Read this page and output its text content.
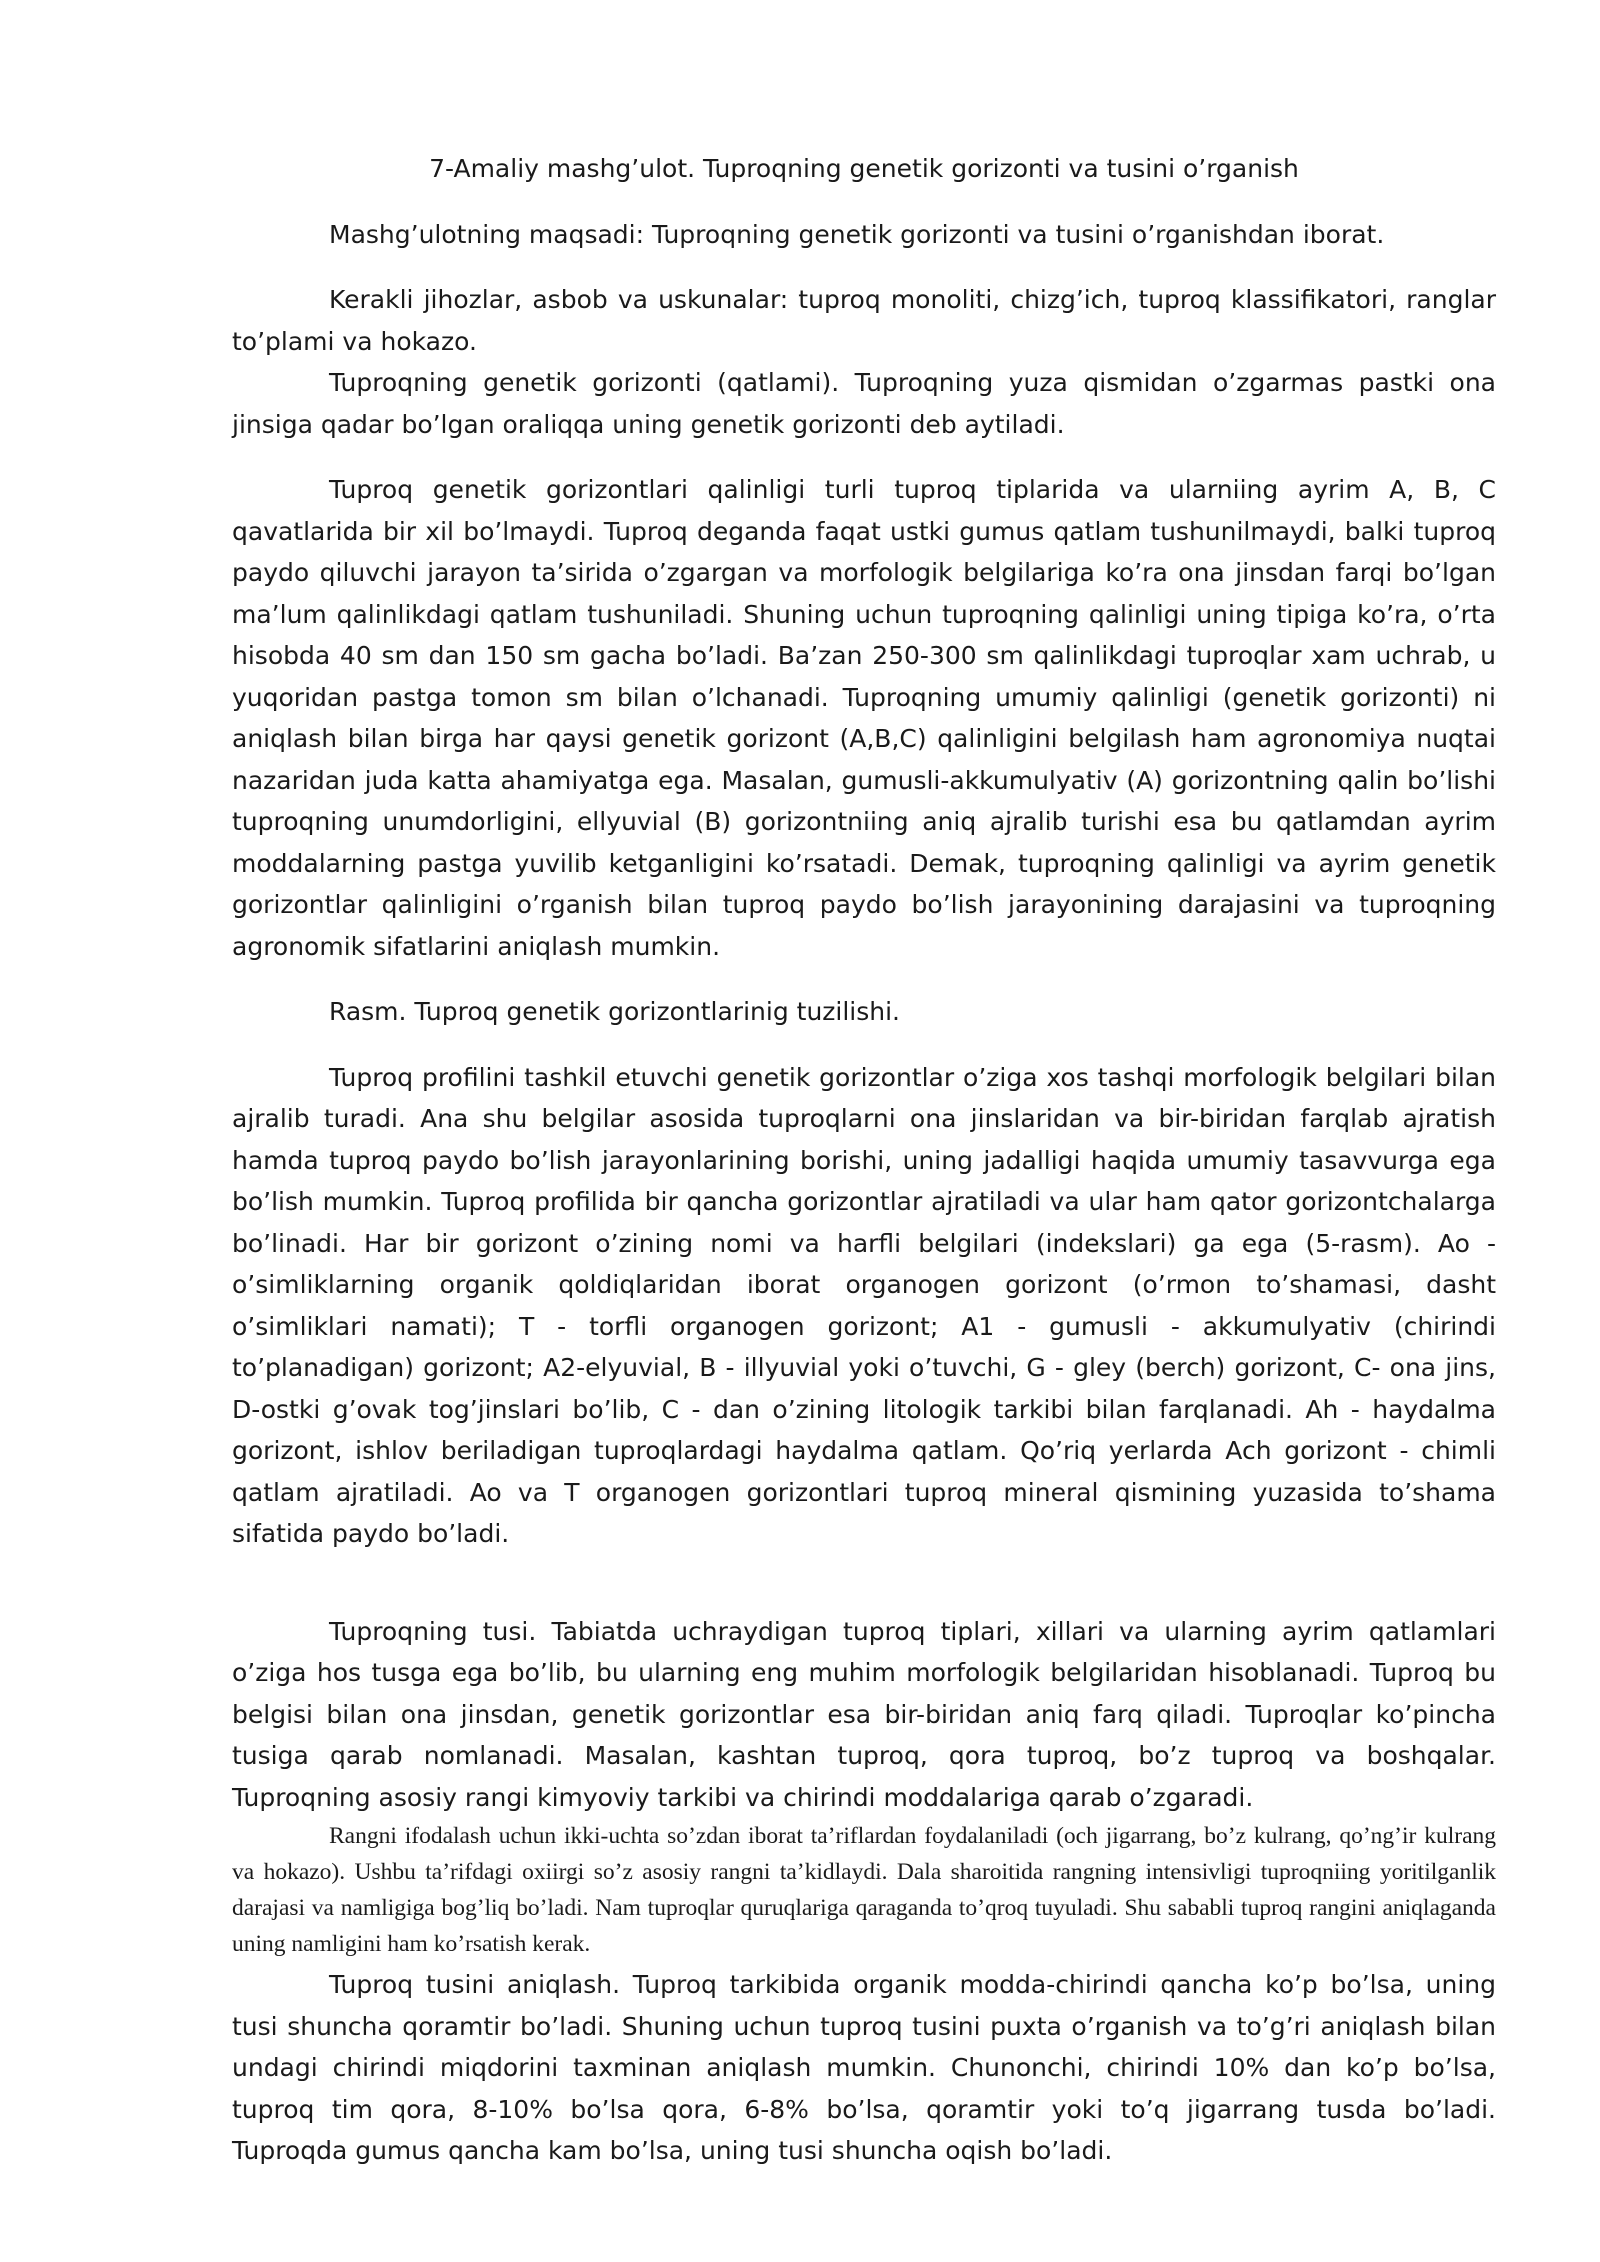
7-Amaliy mashg’ulot. Tuproqning genetik gorizonti va tusini o’rganish

Mashg’ulotning maqsadi: Tuproqning genetik gorizonti va tusini o’rganishdan iborat.

Kerakli jihozlar, asbob va uskunalar: tuproq monoliti, chizg’ich, tuproq klassifikatori, ranglar to’plami va hokazo.

Tuproqning genetik gorizonti (qatlami). Tuproqning yuza qismidan o’zgarmas pastki ona jinsiga qadar bo’lgan oraliqqa uning genetik gorizonti deb aytiladi.

Tuproq genetik gorizontlari qalinligi turli tuproq tiplarida va ularniing ayrim A, B, C qavatlarida bir xil bo’lmaydi. Tuproq deganda faqat ustki gumus qatlam tushunilmaydi, balki tuproq paydo qiluvchi jarayon ta’sirida o’zgargan va morfologik belgilariga ko’ra ona jinsdan farqi bo’lgan ma’lum qalinlikdagi qatlam tushuniladi. Shuning uchun tuproqning qalinligi uning tipiga ko’ra, o’rta hisobda 40 sm dan 150 sm gacha bo’ladi. Ba’zan 250-300 sm qalinlikdagi tuproqlar xam uchrab, u yuqoridan pastga tomon sm bilan o’lchanadi. Tuproqning umumiy qalinligi (genetik gorizonti) ni aniqlash bilan birga har qaysi genetik gorizont (A,B,C) qalinligini belgilash ham agronomiya nuqtai nazaridan juda katta ahamiyatga ega. Masalan, gumusli-akkumulyativ (A) gorizontning qalin bo’lishi tuproqning unumdorligini, ellyuvial (B) gorizontniing aniq ajralib turishi esa bu qatlamdan ayrim moddalarning pastga yuvilib ketganligini ko’rsatadi. Demak, tuproqning qalinligi va ayrim genetik gorizontlar qalinligini o’rganish bilan tuproq paydo bo’lish jarayonining darajasini va tuproqning agronomik sifatlarini aniqlash mumkin.

Rasm. Tuproq genetik gorizontlarinig tuzilishi.

Tuproq profilini tashkil etuvchi genetik gorizontlar o’ziga xos tashqi morfologik belgilari bilan ajralib turadi. Ana shu belgilar asosida tuproqlarni ona jinslaridan va bir-biridan farqlab ajratish hamda tuproq paydo bo’lish jarayonlarining borishi, uning jadalligi haqida umumiy tasavvurga ega bo’lish mumkin. Tuproq profilida bir qancha gorizontlar ajratiladi va ular ham qator gorizontchalarga bo’linadi. Har bir gorizont o’zining nomi va harfli belgilari (indekslari) ga ega (5-rasm). Ao - o’simliklarning organik qoldiqlaridan iborat organogen gorizont (o’rmon to’shamasi, dasht o’simliklari namati); T - torfli organogen gorizont; A1 - gumusli - akkumulyativ (chirindi to’planadigan) gorizont; A2-elyuvial, B - illyuvial yoki o’tuvchi, G - gley (berch) gorizont, C- ona jins, D-ostki g’ovak tog’jinslari bo’lib, C - dan o’zining litologik tarkibi bilan farqlanadi. Ah - haydalma gorizont, ishlov beriladigan tuproqlardagi haydalma qatlam. Qo’riq yerlarda Ach gorizont - chimli qatlam ajratiladi. Ao va T organogen gorizontlari tuproq mineral qismining yuzasida to’shama sifatida paydo bo’ladi.

Tuproqning tusi. Tabiatda uchraydigan tuproq tiplari, xillari va ularning ayrim qatlamlari o’ziga hos tusga ega bo’lib, bu ularning eng muhim morfologik belgilaridan hisoblanadi. Tuproq bu belgisi bilan ona jinsdan, genetik gorizontlar esa bir-biridan aniq farq qiladi. Tuproqlar ko’pincha tusiga qarab nomlanadi. Masalan, kashtan tuproq, qora tuproq, bo’z tuproq va boshqalar. Tuproqning asosiy rangi kimyoviy tarkibi va chirindi moddalariga qarab o’zgaradi.

Rangni ifodalash uchun ikki-uchta so’zdan iborat ta’riflardan foydalaniladi (och jigarrang, bo’z kulrang, qo’ng’ir kulrang va hokazo). Ushbu ta’rifdagi oxiirgi so’z asosiy rangni ta’kidlaydi. Dala sharoitida rangning intensivligi tuproqniing yoritilganlik darajasi va namligiga bog’liq bo’ladi. Nam tuproqlar quruqlariga qaraganda to’qroq tuyuladi. Shu sababli tuproq rangini aniqlaganda uning namligini ham ko’rsatish kerak.

Tuproq tusini aniqlash. Tuproq tarkibida organik modda-chirindi qancha ko’p bo’lsa, uning tusi shuncha qoramtir bo’ladi. Shuning uchun tuproq tusini puxta o’rganish va to’g’ri aniqlash bilan undagi chirindi miqdorini taxminan aniqlash mumkin. Chunonchi, chirindi 10% dan ko’p bo’lsa, tuproq tim qora, 8-10% bo’lsa qora, 6-8% bo’lsa, qoramtir yoki to’q jigarrang tusda bo’ladi. Tuproqda gumus qancha kam bo’lsa, uning tusi shuncha oqish bo’ladi.
